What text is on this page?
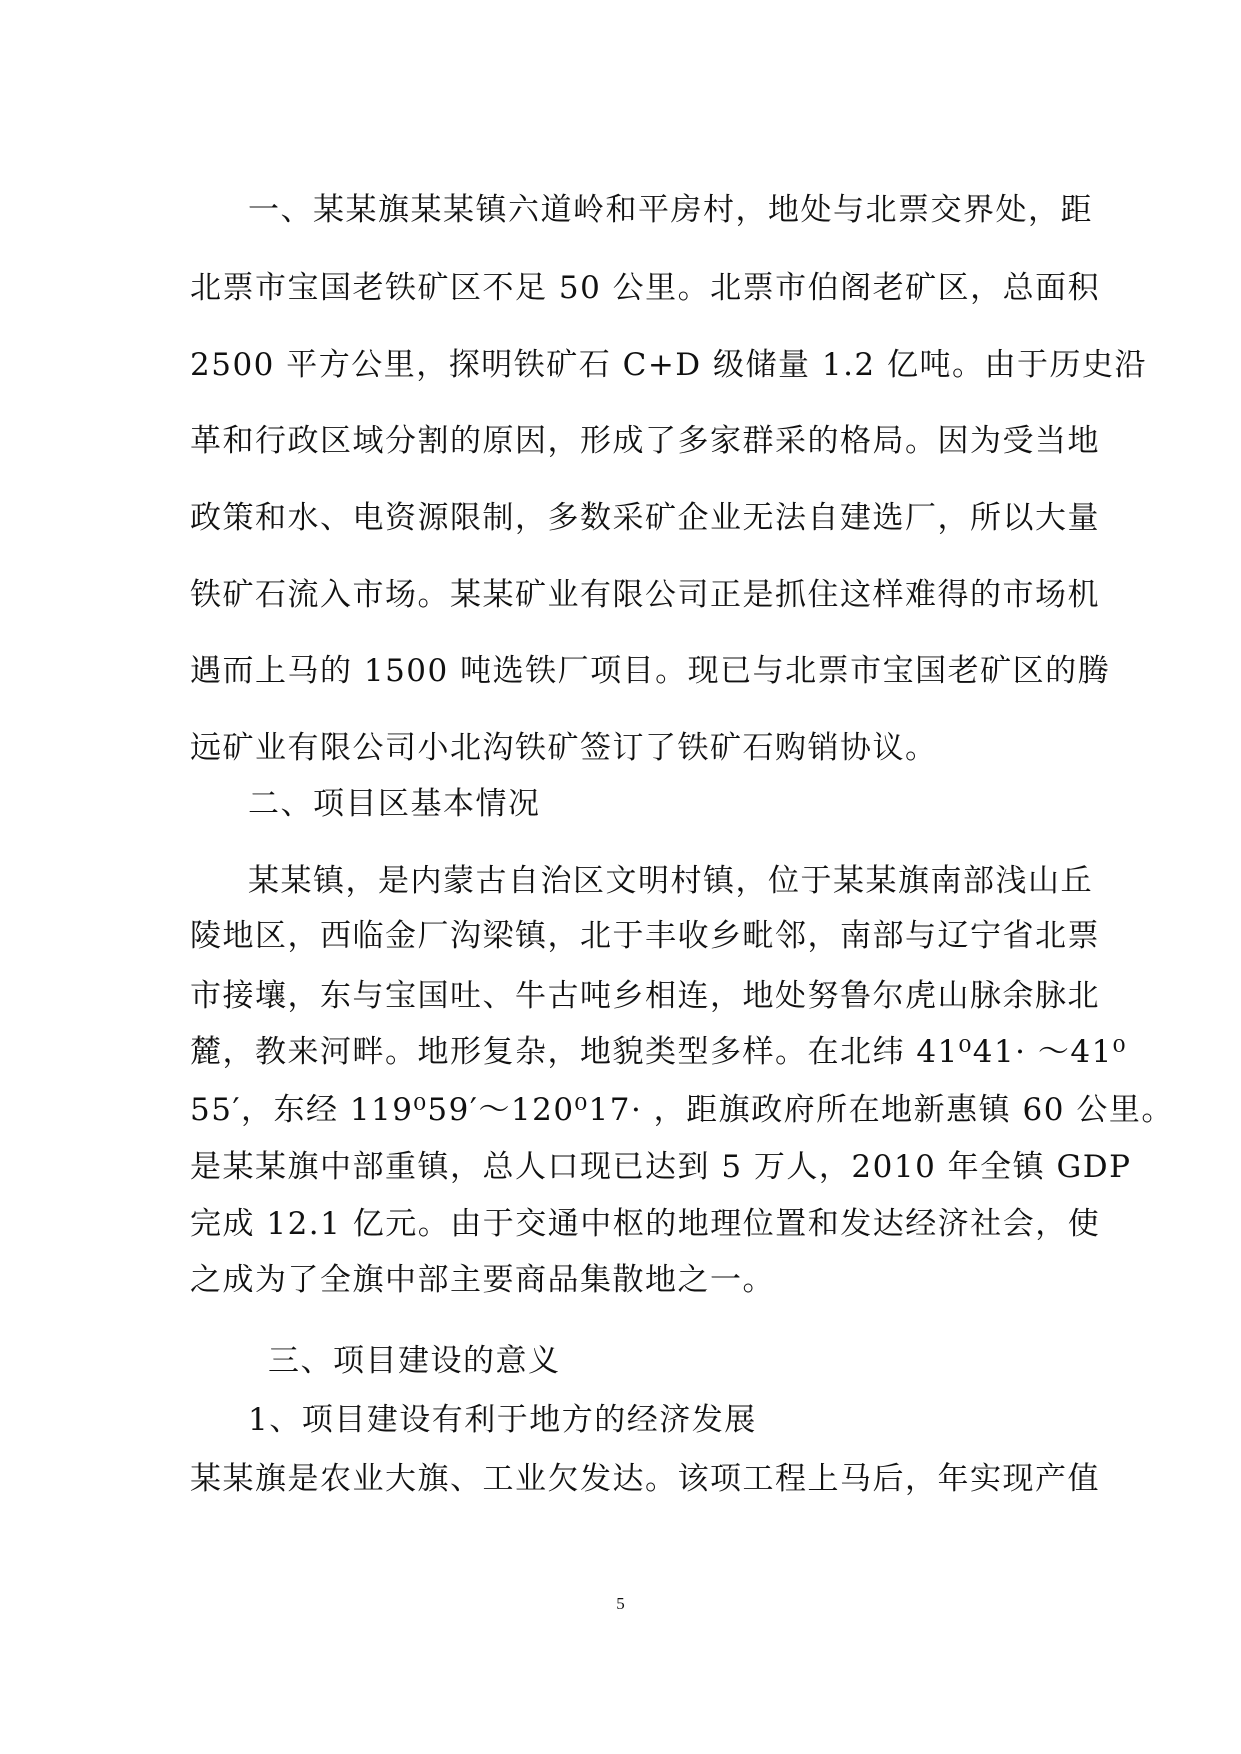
一、某某旗某某镇六道岭和平房村，地处与北票交界处，距
北票市宝国老铁矿区不足 50 公里。北票市伯阁老矿区，总面积
2500 平方公里，探明铁矿石 C+D 级储量 1.2 亿吨。由于历史沿
革和行政区域分割的原因，形成了多家群采的格局。因为受当地
政策和水、电资源限制，多数采矿企业无法自建选厂，所以大量
铁矿石流入市场。某某矿业有限公司正是抓住这样难得的市场机
遇而上马的 1500 吨选铁厂项目。现已与北票市宝国老矿区的腾
远矿业有限公司小北沟铁矿签订了铁矿石购销协议。
二、项目区基本情况
某某镇，是内蒙古自治区文明村镇，位于某某旗南部浅山丘
陵地区，西临金厂沟梁镇，北于丰收乡毗邻，南部与辽宁省北票
市接壤，东与宝国吐、牛古吨乡相连，地处努鲁尔虎山脉余脉北
麓，教来河畔。地形复杂，地貌类型多样。在北纬 41⁰41· ～41⁰
55′，东经 119⁰59′～120⁰17· ，距旗政府所在地新惠镇 60 公里。
是某某旗中部重镇，总人口现已达到 5 万人，2010 年全镇 GDP
完成 12.1 亿元。由于交通中枢的地理位置和发达经济社会，使
之成为了全旗中部主要商品集散地之一。
三、项目建设的意义
1、项目建设有利于地方的经济发展
某某旗是农业大旗、工业欠发达。该项工程上马后，年实现产值
5
